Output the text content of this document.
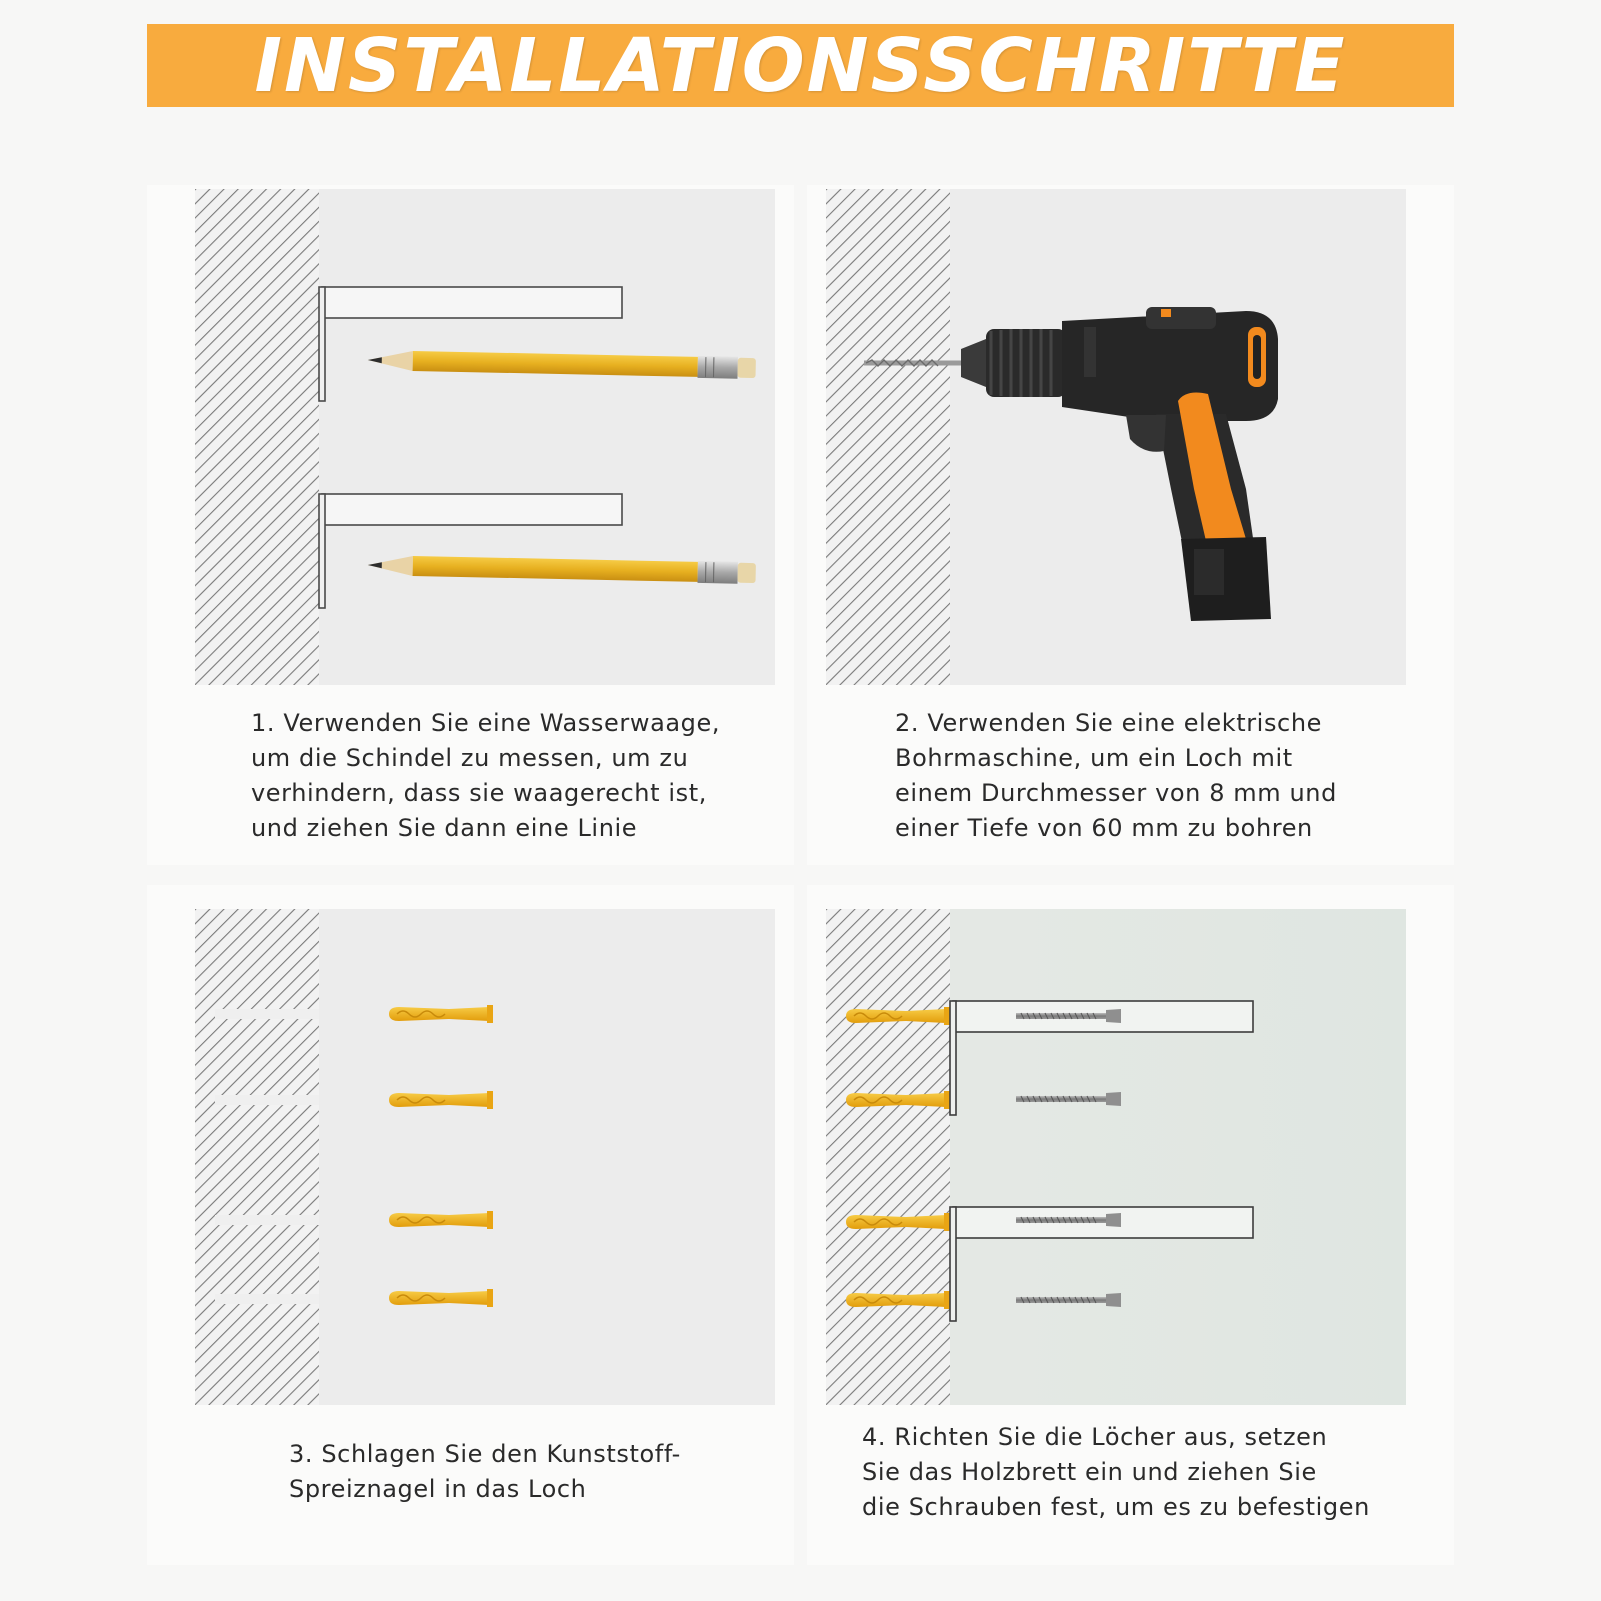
INSTALLATIONSSCHRITTE
1. Verwenden Sie eine Wasserwaage,
um die Schindel zu messen, um zu
verhindern, dass sie waagerecht ist,
und ziehen Sie dann eine Linie
2. Verwenden Sie eine elektrische
Bohrmaschine, um ein Loch mit
einem Durchmesser von 8 mm und
einer Tiefe von 60 mm zu bohren
3. Schlagen Sie den Kunststoff-
Spreiznagel in das Loch
4. Richten Sie die Löcher aus, setzen
Sie das Holzbrett ein und ziehen Sie
die Schrauben fest, um es zu befestigen
